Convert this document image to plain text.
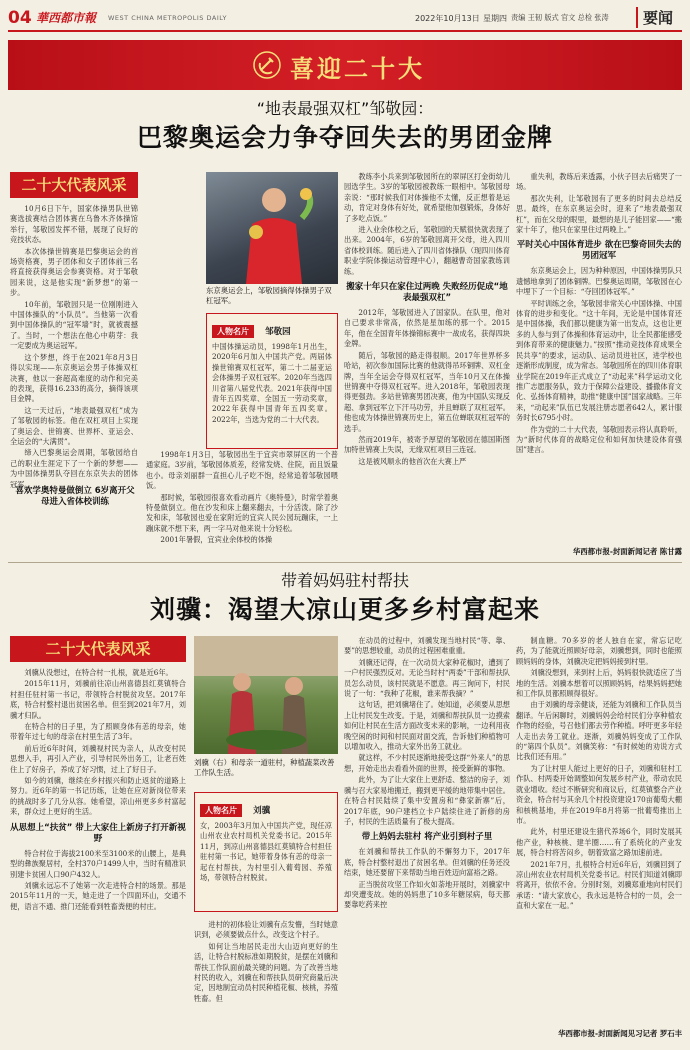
04 華西都市報 WEST CHINA METROPOLIS DAILY	2022年10月13日 星期四 责编 王韧 版式 官文 总检 张涛	要闻
喜迎二十大
“地表最强双杠”邹敬园：
巴黎奥运会力争夺回失去的男团金牌
二十大代表风采

10月6日下午，国家体操男队世锦赛选拔赛结合团体赛在乌鲁木齐体操馆举行，邹敬园发挥不错，展现了良好的竞技状态。

本次体操世锦赛是巴黎奥运会的首场资格赛，男子团体和女子团体前三名将直接获得奥运会参赛资格。对于邹敬园来说，这是他实现“新梦想”的第一步。

10年前，邹敬园只是一位刚刚进入中国体操队的“小队员”。当他第一次看到中国体操队的“冠军墙”时，就被震撼了。当时，一个想法在他心中萌芽：我一定要成为奥运冠军。

这个梦想，终于在2021年8月3日得以实现——东京奥运会男子体操双杠决赛，他以一套超高难度的动作和完美的表现，获得16.233的高分，摘得该项目金牌。

这一天过后，“地表最强双杠”成为了邹敬园的标签。他在双杠项目上实现了奥运会、世锦赛、世界杯、亚运会、全运会的“大满贯”。

缔入巴黎奥运会周期，邹敬园给自己的职业生涯定下了一个新的梦想——为中国体操男队夺回在东京失去的团体冠军。

喜欢学奥特曼做倒立 6岁离开父母进入省体校训练
东京奥运会上，邹敬园摘得体操男子双杠冠军。
人物名片 邹敬园
中国体操运动员，1998年1月出生，2020年6月加入中国共产党。两届体操世锦赛双杠冠军，第二十二届亚运会体操男子双杠冠军。2020年当选四川省第八届党代表。2021年获得中国青年五四奖章、全国五一劳动奖章，2022年获得中国青年五四奖章。2022年，当选为党的二十大代表。

1998年1月3日，邹敬园出生于宜宾市翠屏区的一个普通家庭。3岁前，邹敬园体质差，经常发烧、住院，而且饭量也小。母亲刘丽群一直担心儿子吃不饱，经常追着邹敬园喂饭。

那时候，邹敬园很喜欢看动画片《奥特曼》，时常学着奥特曼做倒立。他在沙发和床上翻来翻去，十分活泼。除了沙发和床，邹敬园也爱在家附近的宜宾人民公园玩蹦床，一上蹦床就不想下来，两一字马对他来说十分轻松。

2001年暑假，宜宾业余体校的体操

教练李小兵来到邹敬园所在的翠屏区打金街幼儿园选学生。3岁的邹敬园被教练一眼相中。邹敬园母亲说：“那时候我们对体操他不太懂，反正想着是运动，肯定对身体有好处，就希望他加强锻炼，身体好了多吃点饭。”

进入业余体校之后，邹敬园的天赋很快就表现了出来。2004年，6岁的邹敬园离开父母，进入四川省体校训练。随后进入了四川省体操队（现四川体育职业学院体操运动管理中心），翻越曹奇国家教练训练。

搬家十年只在家住过两晚 失败经历促成“地表最强双杠”

2012年，邹敬园进入了国家队。在队里，他对自己要求非常高，依然是星加练的那一个。2015年，他在全国青年体操锦标赛中一战成名，获得四块金牌。

随后，邹敬园的路走得很顺。2017年世界杯多哈站，初次参加国际比赛的他就得吊环铜牌、双杠金牌，当年全运会夺得双杠冠军，当年10月又在体操世锦赛中夺得双杠冠军。进入2018年，邹敬园表现得更强劲。多站世锦赛男团决赛，他为中国队实现反超、拿到冠军立下汗马功劳，并且蝉联了双杠冠军。他也成为体操世锦赛历史上，第五位蝉联双杠冠军的选手。

然而2019年，被寄予厚望的邹敬园在德国斯图加特世锦赛上失误，无缘双杠项目三连冠。

这是被风顺永的他首次在大赛上严

重失利，教练后来透露，小伙子回去后痛哭了一场。

那次失利，让邹敬园有了更多的时间去总结反思。最终，在东京奥运会时，迎来了“地表最强双杠”，而在父母的眼里，最想的是儿子能回家——“搬家十年了，他只在家里住过两晚上。”

平时关心中国体育进步 欲在巴黎奇回失去的男团冠军

东京奥运会上，因为种种原因，中国体操男队只遗憾地拿到了团体铜牌。巴黎奥运周期，邹敬园在心中埋下了一个目标：“夺回团体冠军。”

平时训练之余，邹敬园非常关心中国体操、中国体育的进步和变化。“这十年间，无论是中国体育还是中国体操，我们都以健康为第一出发点，这也让更多的人参与到了体操和体育运动中，让全民都能感受到体育带来的健康魅力。”按照“推动竞技体育成果全民共享”的要求，运动队、运动员进社区，进学校也逐渐形成制度，成为常态。邹敬园所在的四川体育职业学院在2019年正式成立了“动起来”科学运动文化推广志愿服务队，致力于保障公益建设、播撒体育文化、弘扬体育精神，助推“健康中国”国家战略。三年来，“动起来”队伍已发展注册志愿者642人，累计服务时长6795小时。

作为党的二十大代表，邹敬园表示将认真聆听，为“新时代体育的战略定位和如何加快建设体育强国”建言。

华西都市报-封面新闻记者 陈甘露
带着妈妈驻村帮扶
刘骥：渴望大凉山更多乡村富起来
二十大代表风采

刘骥从没想过，在特合村一扎根，就是近6年。

2015年11月，刘骥前往凉山州喜德县红莫镇特合村担任驻村第一书记，带领特合村脱贫攻坚。2017年底，特合村整村退出贫困名单。但至到2021年7月，刘骥才归队。

在特合村的日子里，为了照顾身体有恙的母亲，她带着年过七旬的母亲在村里生活了3年。

前后近6年时间，刘骥视村民为亲人，从改变村民思想入手，再引入产业，引导村民外出务工，让老百姓住上了好房子，养成了好习惯，过上了好日子。

如今的刘骥，继续在乡村振兴和防止返贫的道路上努力。近6年的第一书记历练，让她在应对新岗位带来的挑战时多了几分从容。她希望，凉山州更多乡村富起来，群众过上更好的生活。

从思想上“扶贫” 带上大家住上新房子打开新视野

特合村位于海拔2100米至3100米的山腰上，是典型的彝族聚居村，全村370户1499人中，当时有精准识别建卡贫困人口90户432人。

刘骥永远忘不了她第一次走进特合村的场景。那是2015年11月的一天，她走进了一个四面环山，交通不便，语言不通、推门还能看到牲畜粪便的村庄。

刘骥（右）和母亲一道驻村，种植蔬菜改善工作队生活。
人物名片 刘骥
女，2003年3月加入中国共产党，现任凉山州农业农村局机关党委书记。2015年11月，到凉山州喜德县红莫镇特合村担任驻村第一书记，她带着身体有恙的母亲一起在村帮扶，为村里引入葡萄园、养殖场，带领特合村脱贫。

进村的初体验让刘骥有点发懵，当时她意识到，必须要做点什么，改变这个村子。

如何让当地居民走出大山迈向更好的生活，让特合村脱标准如期脱贫，是摆在刘骥和帮扶工作队面前最关键的问题。为了改善当地村民的收入，刘骥在和帮扶队员研究商量后决定，因地制宜动员村民种植花椒、核桃，养殖牲畜。但

在动员的过程中，刘骥发现当地村民“等、靠、要”的思想较重，动员的过程困难重重。

刘骥还记得，在一次动员大家种花椒时，遭到了一户村民强烈反对。无论当时村“两委”干部和帮扶队员怎么动员，该村民就是不愿意。再三询问下，村民说了一句：“我种了花椒，谁来帮我摘？”

这句话，把刘骥堵住了。她知道，必须要从思想上让村民发生改变。于是，刘骥和帮扶队员一边摸索如何让村民在生活方面改变未来的影响，一边利用夜晚空闲的时间和村民面对面交流，告诉他们种植物可以增加收入，推动大家外出务工就业。

就这样，不少村民逐渐地接受这群“外来人”的思想，开始走出去看看外面的世界，接受新鲜的事物。

此外，为了让大家住上更舒适、整洁的房子，刘骥与召大家易地搬迁，搬到更平缓的地带集中居住。在特合村民陆续了集中安置房和“彝家新寨”后，2017年底，90户建档立卡户陆续住进了新修的房子，村民的生活质量有了极大提高。

带上妈妈去驻村 将产业引到村子里

在刘骥和帮扶工作队的不懈努力下，2017年底，特合村整村退出了贫困名单。但刘骥的任务还没结束，她还要留下来帮助当地百姓迈向富裕之路。

正当脱贫攻坚工作如火如荼地开展时，刘骥家中却突遭变故。她的妈妈患了10多年糖尿病，每天都要靠吃药来控

制血糖。70多岁的老人独自在家，常忘记吃药，为了能就近照顾好母亲，刘骥想到，同时也能照顾妈妈的身体，刘骥决定把妈妈接到村里。

刘骥没想到，来到村上后，妈妈很快就适应了当地的生活。刘骥本想着可以照顾妈妈，结果妈妈把她和工作队员都照顾得很好。

由于刘骥的母亲健谈，还能为刘骥和工作队员当翻译。午后闲聊时，刘骥妈妈会给村民们分享种植农作物的经验，号召他们都去劳作种植。呼吁更多年轻人走出去务工就业。逐渐，刘骥妈妈变成了工作队的“第四个队员”。刘骥笑称：“有时候她的劝说方式比我们还有用。”

为了让村里人能过上更好的日子，刘骥和驻村工作队、村两委开始调整如何发展乡村产业，带动农民就业增收。经过不断研究和商议后，红莫镇整合产业资金，特合村与其余几个村投资建设170亩葡萄大棚和核桃基地，并在2019年8月将第一批葡萄推出上市。

此外，村里还建设生猪代养场6个，同时发展其他产业，种核桃、建羊圈……有了系统化的产业发展，特合村将苦闷乡，朝着致富之路加速前进。

2021年7月，扎根特合村近6年后，刘骥回到了凉山州农业农村局机关党委书记。村民们知道刘骥即将离开，依依不舍。分别时刻，刘骥郑重地向村民们承诺：“请大家放心，我永远是特合村的一员，会一直和大家在一起。”

华西都市报-封面新闻见习记者 罗石丰
